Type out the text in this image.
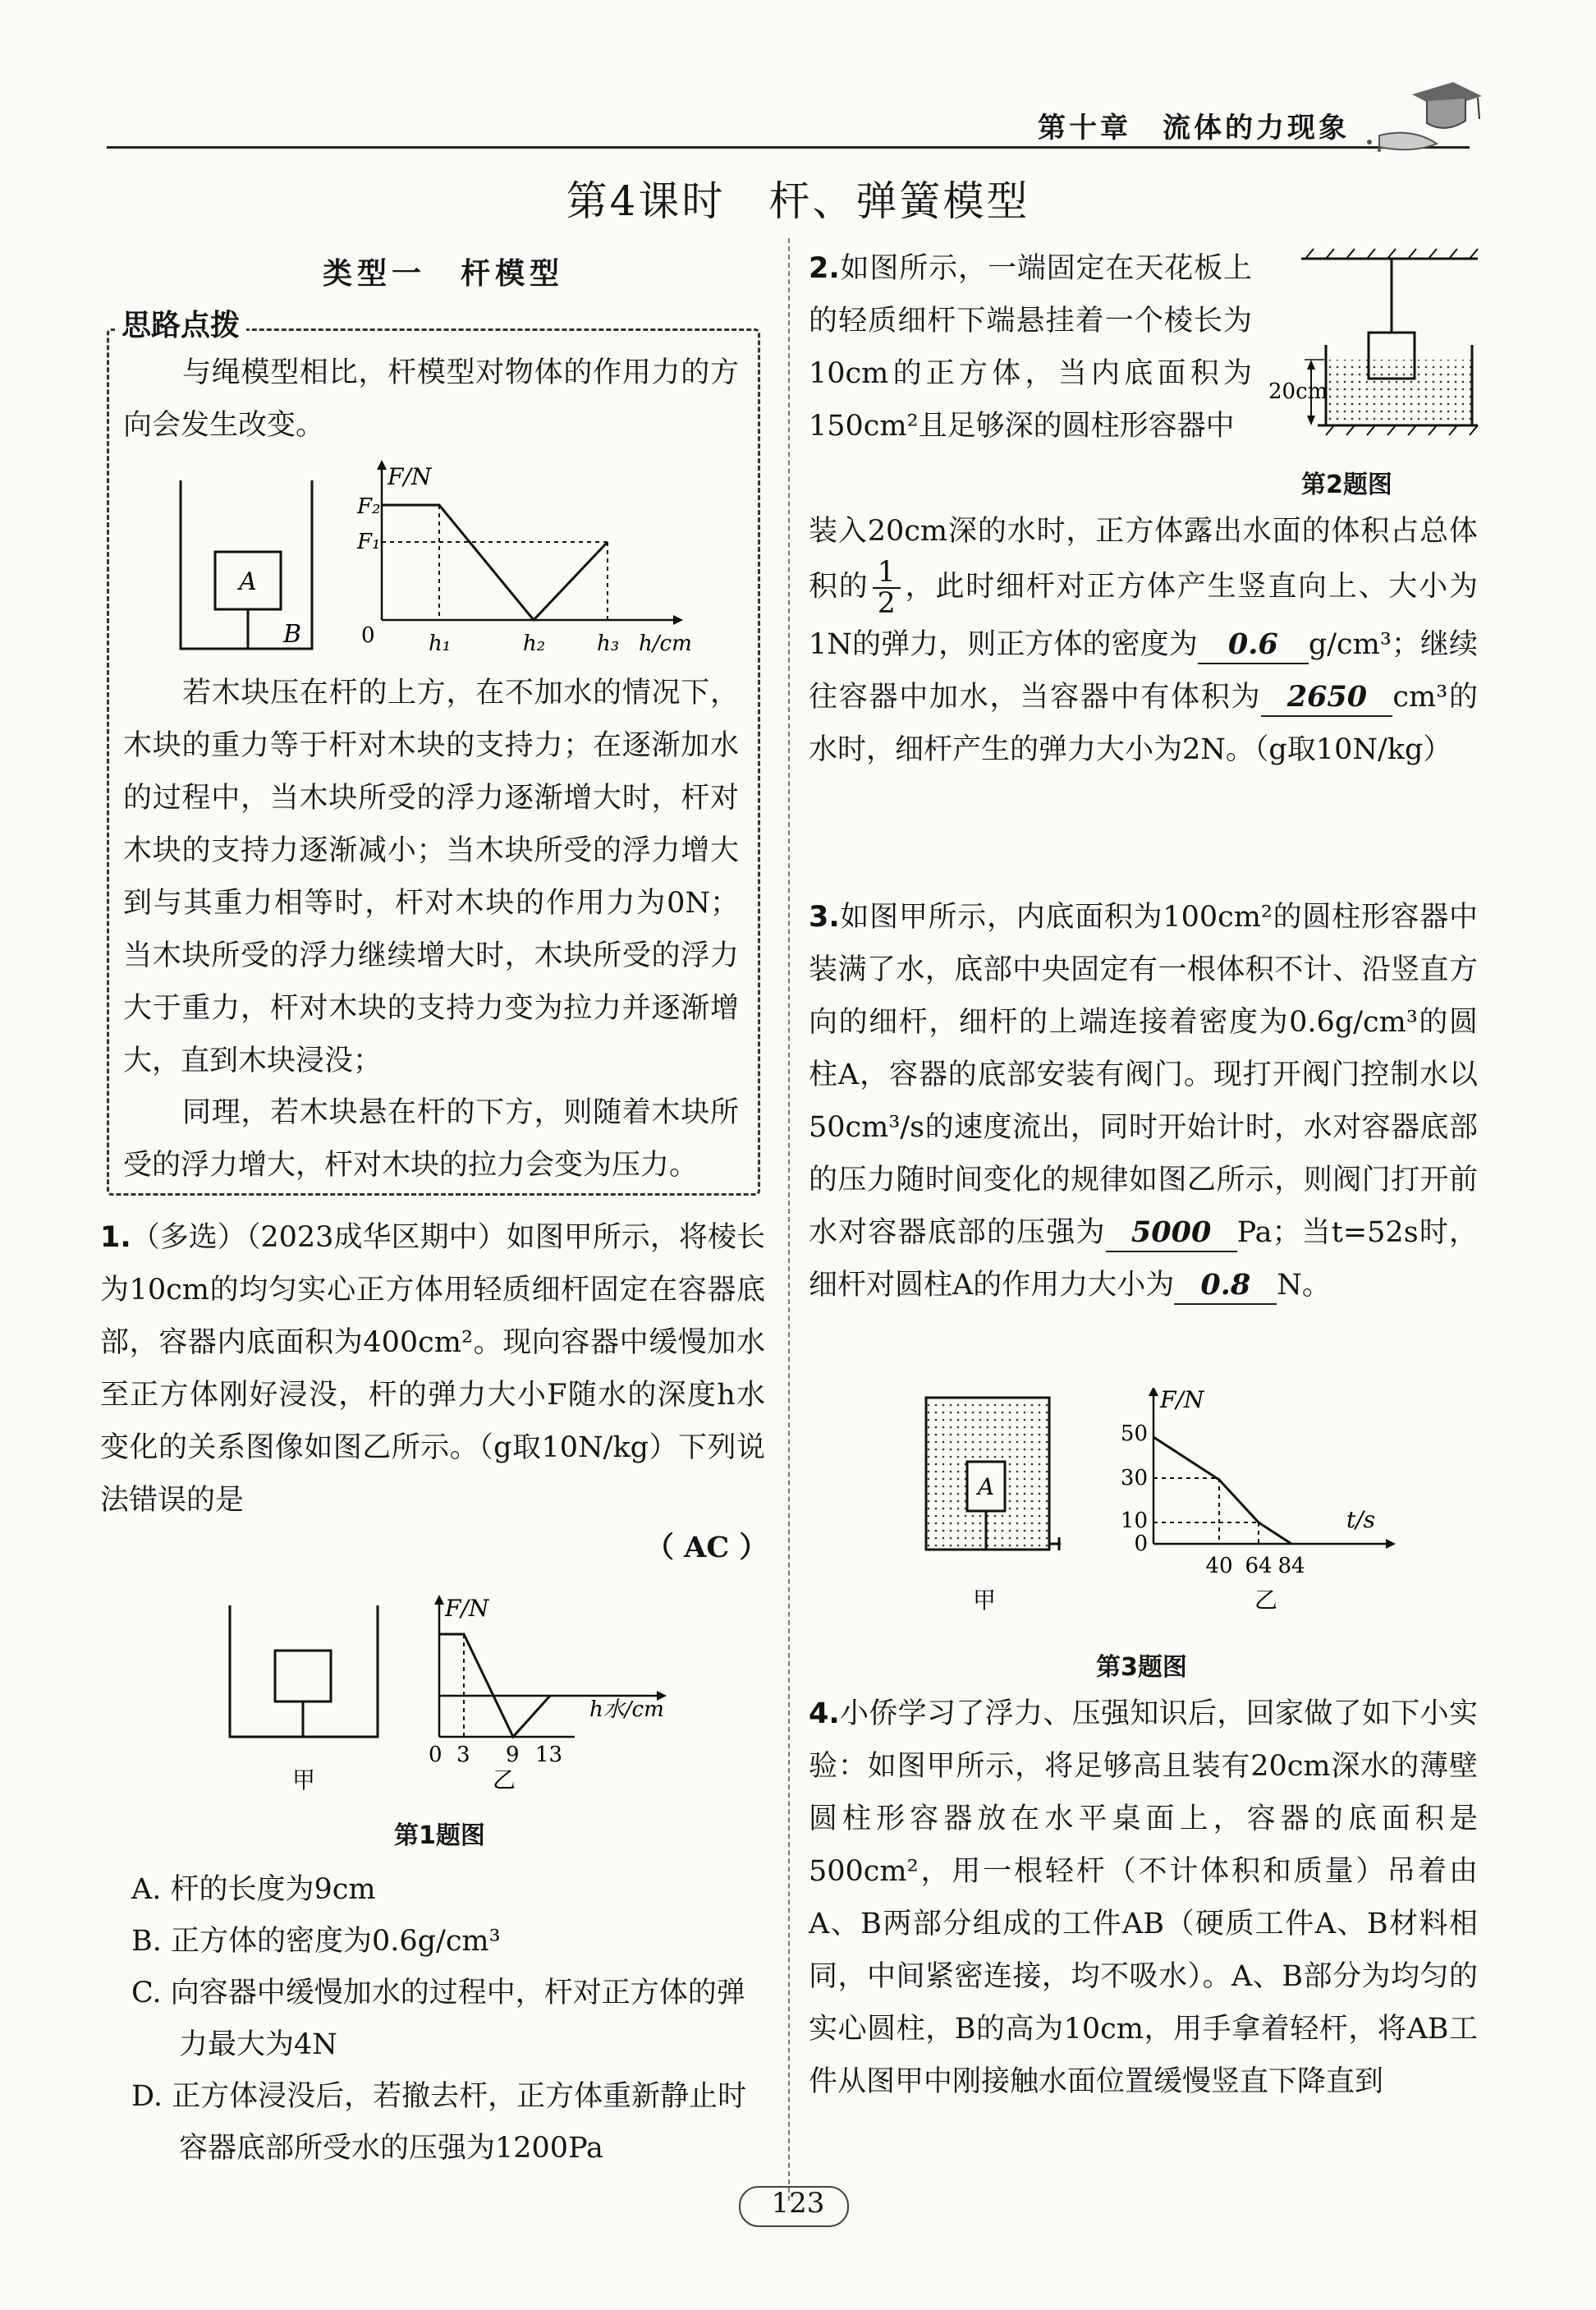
第十章　流体的力现象
第4课时　杆、弹簧模型
类型一　杆模型
思路点拨
与绳模型相比，杆模型对物体的作用力的方向会发生改变。
A
B
F/N
F₂
F₁
0	h₁	h₂ h₃ h/cm
若木块压在杆的上方，在不加水的情况下，木块的重力等于杆对木块的支持力；在逐渐加水的过程中，当木块所受的浮力逐渐增大时，杆对木块的支持力逐渐减小；当木块所受的浮力增大到与其重力相等时，杆对木块的作用力为0N；当木块所受的浮力继续增大时，木块所受的浮力大于重力，杆对木块的支持力变为拉力并逐渐增大，直到木块浸没；
同理，若木块悬在杆的下方，则随着木块所受的浮力增大，杆对木块的拉力会变为压力。
1.（多选）（2023成华区期中）如图甲所示，将棱长为10cm的均匀实心正方体用轻质细杆固定在容器底部，容器内底面积为400cm²。现向容器中缓慢加水至正方体刚好浸没，杆的弹力大小F随水的深度h水变化的关系图像如图乙所示。（g取10N/kg）下列说法错误的是
（ AC ）
甲
F/N
h水/cm
0 3 9 13
乙
第1题图
A. 杆的长度为9cm
B. 正方体的密度为0.6g/cm³
C. 向容器中缓慢加水的过程中，杆对正方体的弹力最大为4N
D. 正方体浸没后，若撤去杆，正方体重新静止时容器底部所受水的压强为1200Pa
2.如图所示，一端固定在天花板上的轻质细杆下端悬挂着一个棱长为10cm的正方体，当内底面积为150cm²且足够深的圆柱形容器中
20cm
第2题图
装入20cm深的水时，正方体露出水面的体积占总体积的 $\frac{1}{2}$ ，此时细杆对正方体产生竖直向上、大小为1N的弹力，则正方体的密度为 0.6 g/cm³；继续往容器中加水，当容器中有体积为 2650 cm³的水时，细杆产生的弹力大小为2N。（g取10N/kg）
3.如图甲所示，内底面积为100cm²的圆柱形容器中装满了水，底部中央固定有一根体积不计、沿竖直方向的细杆，细杆的上端连接着密度为0.6g/cm³的圆柱A，容器的底部安装有阀门。现打开阀门控制水以50cm³/s的速度流出，同时开始计时，水对容器底部的压力随时间变化的规律如图乙所示，则阀门打开前水对容器底部的压强为 5000 Pa；当t=52s时，细杆对圆柱A的作用力大小为 0.8 N。
A
甲
F/N
t/s
50
30
10
0
40 64 84
乙
第3题图
4.小侨学习了浮力、压强知识后，回家做了如下小实验：如图甲所示，将足够高且装有20cm深水的薄壁圆柱形容器放在水平桌面上，容器的底面积是500cm²，用一根轻杆（不计体积和质量）吊着由A、B两部分组成的工件AB（硬质工件A、B材料相同，中间紧密连接，均不吸水）。A、B部分为均匀的实心圆柱，B的高为10cm，用手拿着轻杆，将AB工件从图甲中刚接触水面位置缓慢竖直下降直到
123
